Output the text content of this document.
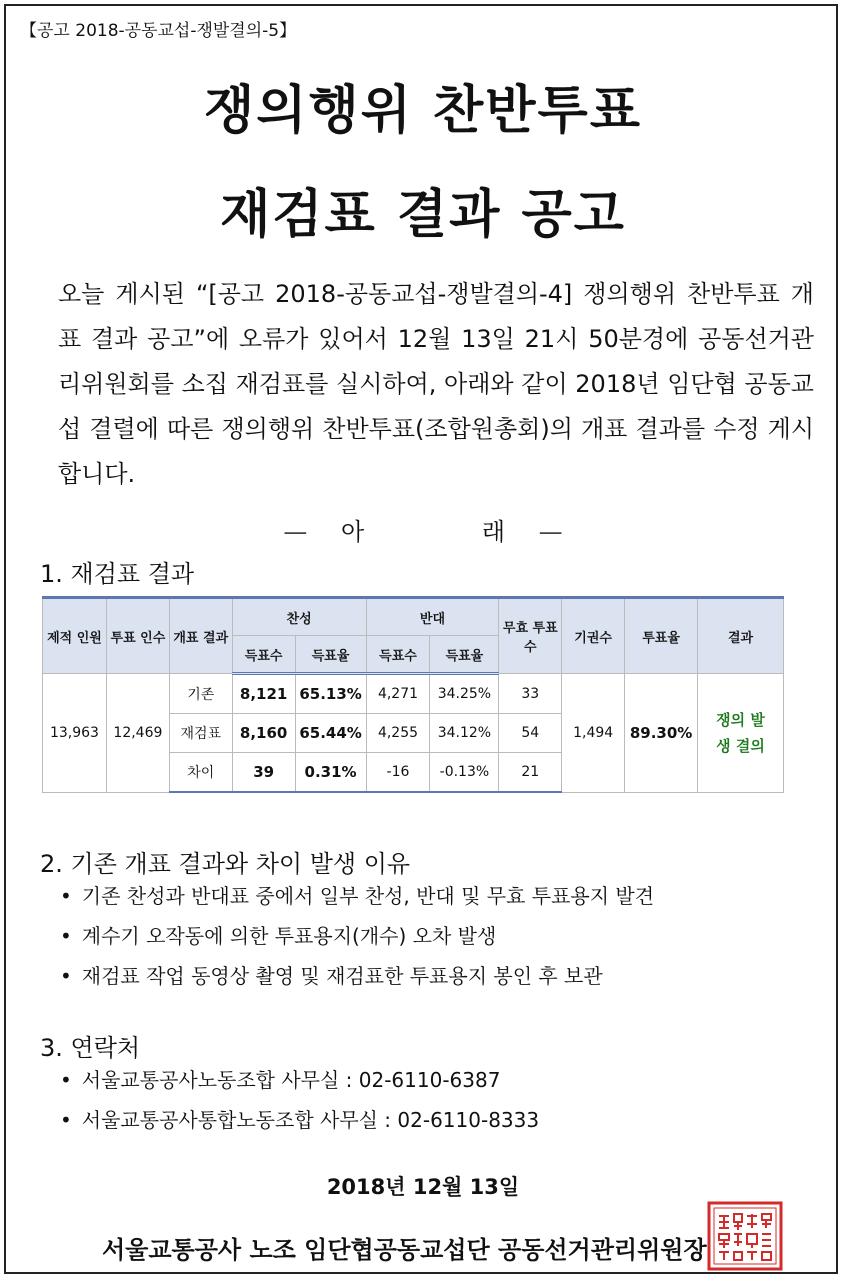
【공고 2018-공동교섭-쟁발결의-5】
쟁의행위 찬반투표
재검표 결과 공고
오늘 게시된 “[공고 2018-공동교섭-쟁발결의-4] 쟁의행위 찬반투표 개표 결과 공고”에 오류가 있어서 12월 13일 21시 50분경에 공동선거관리위원회를 소집 재검표를 실시하여, 아래와 같이 2018년 임단협 공동교섭 결렬에 따른 쟁의행위 찬반투표(조합원총회)의 개표 결과를 수정 게시합니다.
— 아	래 —
1. 재검표 결과
제적 인원	투표 인수	개표 결과	찬성		반대		무효 투표수	기권수	투표율	결과
			득표수	득표율	득표수	득표율				
13,963	12,469	기존	8,121	65.13%	4,271	34.25%	33	1,494	89.30%	쟁의 발생 결의

		재검표	8,160	65.44%	4,255	34.12%	54			
		차이	39	0.31%	-16	-0.13%	21			
2. 기존 개표 결과와 차이 발생 이유
• 기존 찬성과 반대표 중에서 일부 찬성, 반대 및 무효 투표용지 발견
• 계수기 오작동에 의한 투표용지(개수) 오차 발생
• 재검표 작업 동영상 촬영 및 재검표한 투표용지 봉인 후 보관
3. 연락처
• 서울교통공사노동조합 사무실 : 02-6110-6387
• 서울교통공사통합노동조합 사무실 : 02-6110-8333
2018년 12월 13일
서울교통공사 노조 임단협공동교섭단 공동선거관리위원장
